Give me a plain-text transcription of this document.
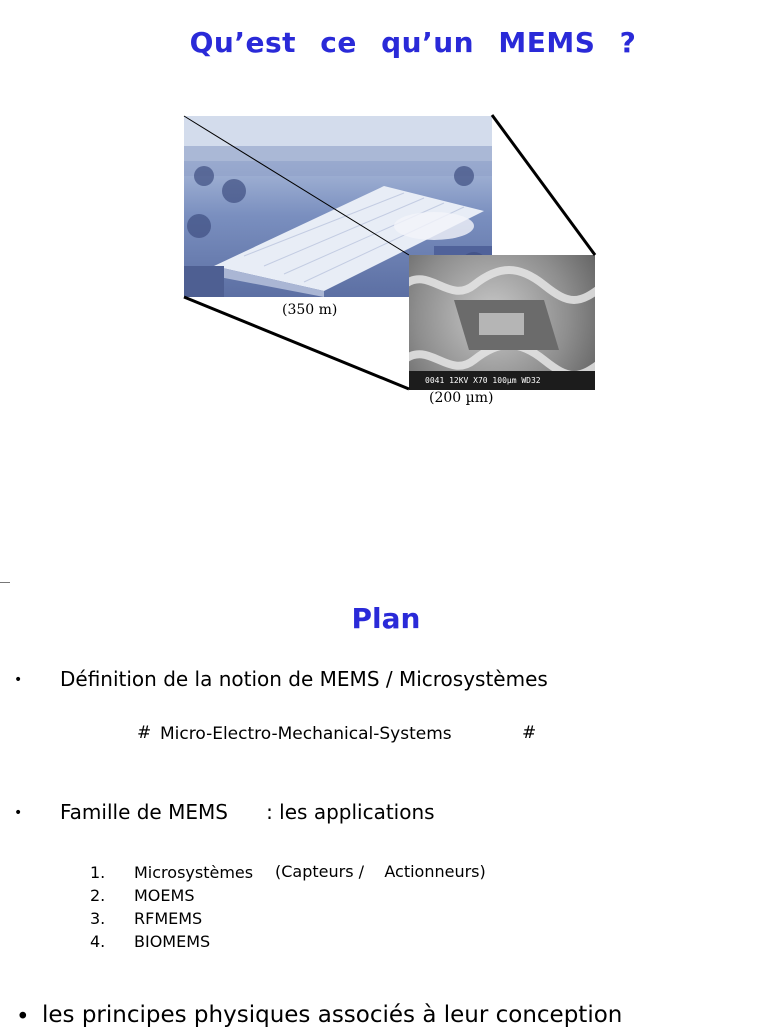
Qu’est ce qu’un MEMS ?
0041 12KV X70 100µm WD32
(350 m)
(200 µm)
Plan
• Définition de la notion de MEMS / Microsystèmes
# Micro-Electro-Mechanical-Systems	#
• Famille de MEMS      : les applications
1. Microsystèmes (Capteurs /    Actionneurs)
2. MOEMS
3. RFMEMS
4. BIOMEMS
• les principes physiques associés à leur conception
